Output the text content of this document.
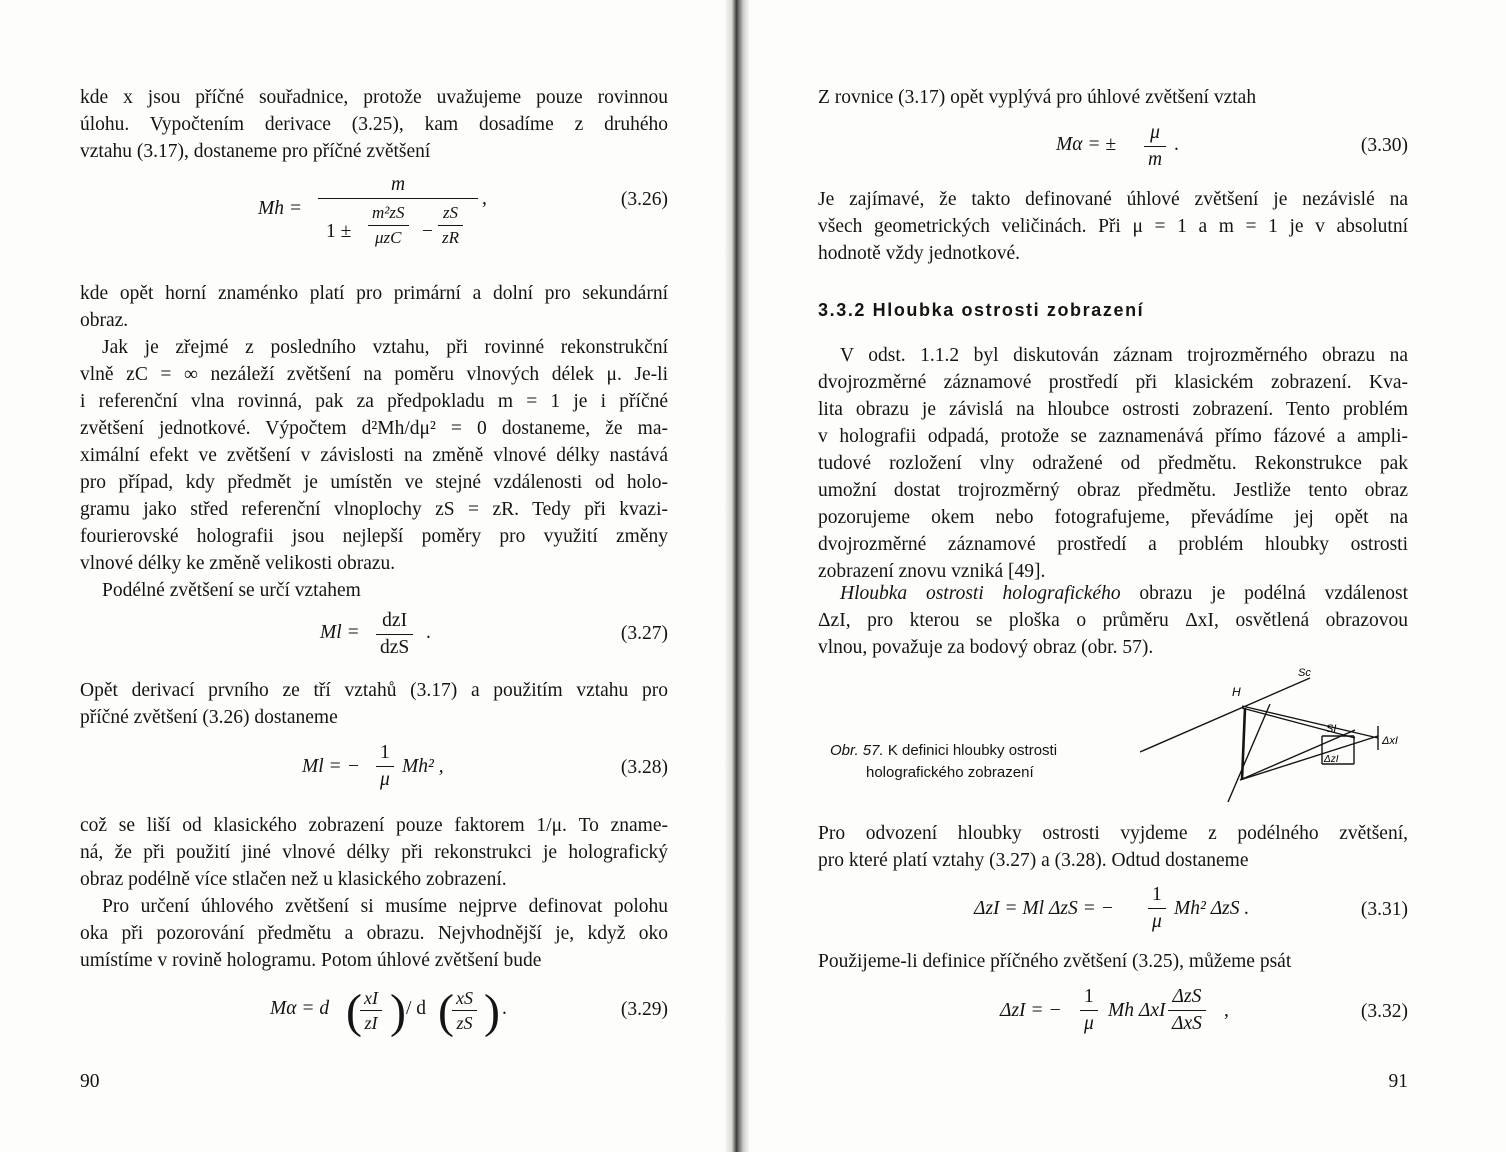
kde x jsou příčné souřadnice, protože uvažujeme pouze rovinnou
úlohu. Vypočtením derivace (3.25), kam dosadíme z druhého
vztahu (3.17), dostaneme pro příčné zvětšení
Mh =
m
1 ±
m²zS
μzC	− $\frac{zS}{zR}$
,	(3.26)
kde opět horní znaménko platí pro primární a dolní pro sekundární
obraz.
Jak je zřejmé z posledního vztahu, při rovinné rekonstrukční
vlně zC = ∞ nezáleží zvětšení na poměru vlnových délek μ. Je-li
i referenční vlna rovinná, pak za předpokladu m = 1 je i příčné
zvětšení jednotkové. Výpočtem d²Mh/dμ² = 0 dostaneme, že ma-
ximální efekt ve zvětšení v závislosti na změně vlnové délky nastává
pro případ, kdy předmět je umístěn ve stejné vzdálenosti od holo-
gramu jako střed referenční vlnoplochy zS = zR. Tedy při kvazi-
fourierovské holografii jsou nejlepší poměry pro využití změny
vlnové délky ke změně velikosti obrazu.
Podélné zvětšení se určí vztahem
Ml =
dzI
dzS
.	(3.27)
Opět derivací prvního ze tří vztahů (3.17) a použitím vztahu pro
příčné zvětšení (3.26) dostaneme
Ml = − $\frac{1}{\mu} Mh^2$ ,	(3.28)
což se liší od klasického zobrazení pouze faktorem 1/μ. To zname-
ná, že při použití jiné vlnové délky při rekonstrukci je holografický
obraz podélně více stlačen než u klasického zobrazení.
Pro určení úhlového zvětšení si musíme nejprve definovat polohu
oka při pozorování předmětu a obrazu. Nejvhodnější je, když oko
umístíme v rovině hologramu. Potom úhlové zvětšení bude
Mα = d (
$\frac{xI}{zI}$ ) / d (
$\frac{xS}{zS}$ ) .	(3.29)
90
Z rovnice (3.17) opět vyplývá pro úhlové zvětšení vztah
Mα = ± $\frac{\mu}{m}$ .	(3.30)
Je zajímavé, že takto definované úhlové zvětšení je nezávislé na
všech geometrických veličinách. Při μ = 1 a m = 1 je v absolutní
hodnotě vždy jednotkové.
3.3.2 Hloubka ostrosti zobrazení
V odst. 1.1.2 byl diskutován záznam trojrozměrného obrazu na
dvojrozměrné záznamové prostředí při klasickém zobrazení. Kva-
lita obrazu je závislá na hloubce ostrosti zobrazení. Tento problém
v holografii odpadá, protože se zaznamenává přímo fázové a ampli-
tudové rozložení vlny odražené od předmětu. Rekonstrukce pak
umožní dostat trojrozměrný obraz předmětu. Jestliže tento obraz
pozorujeme okem nebo fotografujeme, převádíme jej opět na
dvojrozměrné záznamové prostředí a problém hloubky ostrosti
zobrazení znovu vzniká [49].
Hloubka ostrosti holografického obrazu je podélná vzdálenost
ΔzI, pro kterou se ploška o průměru ΔxI, osvětlená obrazovou
vlnou, považuje za bodový obraz (obr. 57).
Obr. 57. K definici hloubky ostrosti
holografického zobrazení
Pro odvození hloubky ostrosti vyjdeme z podélného zvětšení,
pro které platí vztahy (3.27) a (3.28). Odtud dostaneme
ΔzI = Ml ΔzS = − $\frac{1}{\mu} Mh^2$ ΔzS .	(3.31)
Použijeme-li definice příčného zvětšení (3.25), můžeme psát
ΔzI = − $\frac{1}{\mu}$ Mh ΔxI
ΔzS
ΔxS
,	(3.32)
91
H
Sc
SI
ΔxI
ΔzI
